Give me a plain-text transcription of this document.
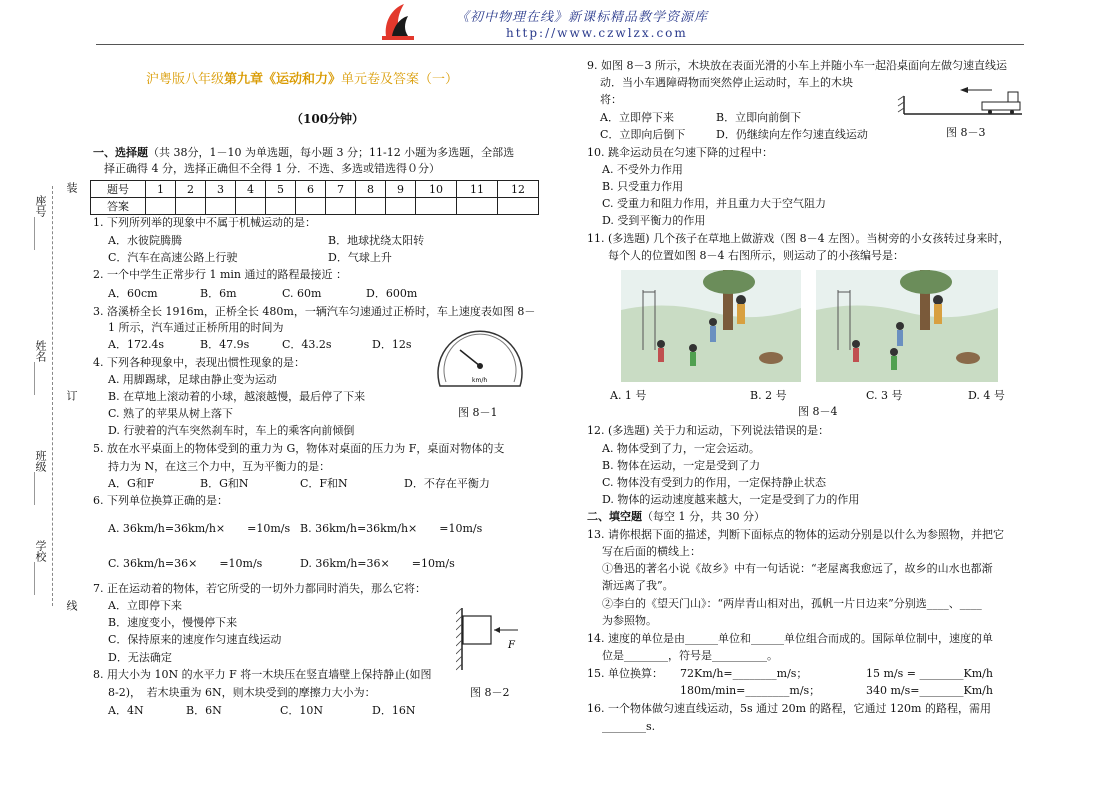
《初中物理在线》新课标精品教学资源库
http://www.czwlzx.com
沪粤版八年级第九章《运动和力》单元卷及答案（一）
（100分钟）
装
订
线
座号______
姓名______
班级______
学校______
一、选择题（共 38分，1－10 为单选题，每小题 3 分；11-12 小题为多选题，全部选
择正确得 4 分，选择正确但不全得 1 分．不选、多选或错选得０分）
题号	1	2	3	4	5	6	7	8	9	10	11	12
答案												
1. 下列所列举的现象中不属于机械运动的是：
A．水彼院腾腾	B．地球扰绕太阳转
C．汽车在高速公路上行驶	D．气球上升
2. 一个中学生正常步行 1 min 通过的路程最接近 ：
A．60cm	B．6m	C. 60m	D．600m
3. 洛溪桥全长 1916m，正桥全长 480m，一辆汽车匀速通过正桥时，车上速度表如图 8－
1 所示，汽车通过正桥所用的时间为
A．172.4s	B．47.9s	C．43.2s	D．12s
4. 下列各种现象中，表现出惯性现象的是：
A. 用脚踢球，足球由静止变为运动
B. 在草地上滚动着的小球，越滚越慢，最后停了下来
C. 熟了的苹果从树上落下
D. 行驶着的汽车突然刹车时，车上的乘客向前倾倒
5. 放在水平桌面上的物体受到的重力为 G，物体对桌面的压力为 F，桌面对物体的支
持力为 N，在这三个力中，互为平衡力的是：
A．G和F	B．G和N	C．F和N	D．不存在平衡力
6. 下列单位换算正确的是：
A. 36km/h=36km/h×　　=10m/s B. 36km/h=36km/h×　　=10m/s
C. 36km/h=36×　　=10m/s	D. 36km/h=36×　　=10m/s
7. 正在运动着的物体，若它所受的一切外力都同时消失，那么它将：
A．立即停下来
B．速度变小，慢慢停下来
C．保持原来的速度作匀速直线运动
D．无法确定
8. 用大小为 10N 的水平力 F 将一木块压在竖直墙壁上保持静止(如图
8-2)，　若木块重为 6N，则木块受到的摩擦力大小为：
A．4N	B．6N	C．10N	D．16N
km/h
图 8－1
F
图 8－2
9. 如图 8－3 所示，木块放在表面光滑的小车上并随小车一起沿桌面向左做匀速直线运
动．当小车遇障碍物而突然停止运动时，车上的木块
将：
A．立即停下来	B．立即向前倒下
C．立即向后倒下	D．仍继续向左作匀速直线运动
10. 跳伞运动员在匀速下降的过程中：
A. 不受外力作用
B. 只受重力作用
C. 受重力和阻力作用，并且重力大于空气阻力
D. 受到平衡力的作用
11. (多选题) 几个孩子在草地上做游戏（图 8－4 左图）。当树旁的小女孩转过身来时，
每个人的位置如图 8－4 右图所示，则运动了的小孩编号是：
A. 1 号	B. 2 号	C. 3 号	D. 4 号
12. (多选题) 关于力和运动，下列说法错误的是：
A. 物体受到了力，一定会运动。
B. 物体在运动，一定是受到了力
C. 物体没有受到力的作用，一定保持静止状态
D. 物体的运动速度越来越大，一定是受到了力的作用
二、填空题（每空 1 分，共 30 分）
13. 请你根据下面的描述，判断下面标点的物体的运动分别是以什么为参照物，并把它
写在后面的横线上：
①鲁迅的著名小说《故乡》中有一句话说：“老屋离我愈远了，故乡的山水也都渐
渐远离了我”。
②李白的《望天门山》：“两岸青山相对出，孤帆一片日边来”分别选____、____
为参照物。
14. 速度的单位是由______单位和______单位组合而成的。国际单位制中，速度的单
位是________，符号是__________。
15. 单位换算： 72Km/h=________m/s；	15 m/s = ________Km/h
180m/min=________m/s；	340 m/s=________Km/h
16. 一个物体做匀速直线运动，5s 通过 20m 的路程，它通过 120m 的路程，需用
________s.
图 8－3
图 8－4
